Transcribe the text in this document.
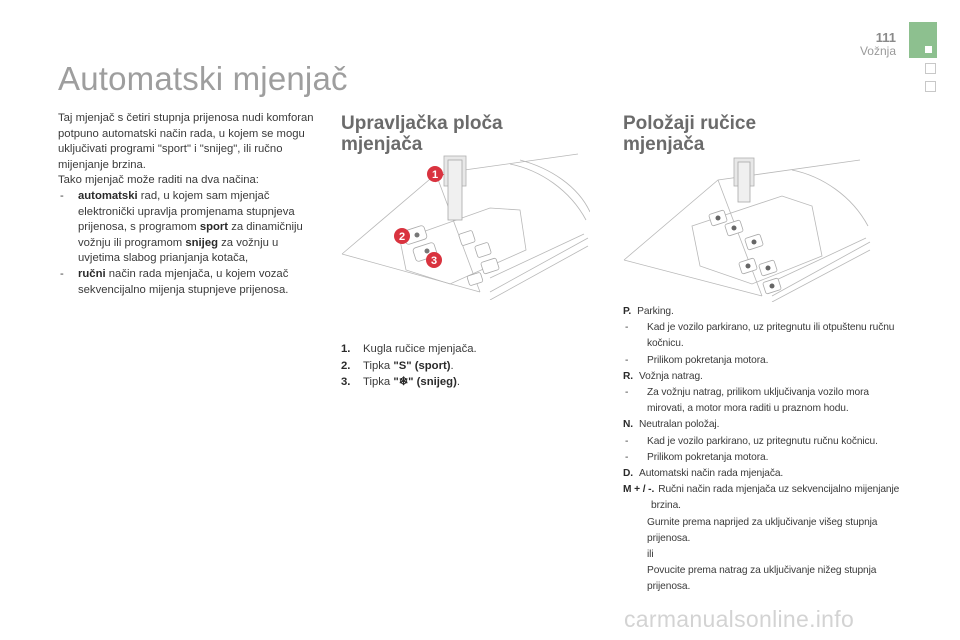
111
Vožnja
Automatski mjenjač

Taj mjenjač s četiri stupnja prijenosa nudi komforan potpuno automatski način rada, u kojem se mogu uključivati programi "sport" i "snijeg", ili ručno mijenjanje brzina.

Tako mjenjač može raditi na dva načina:

- automatski rad, u kojem sam mjenjač elektronički upravlja promjenama stupnjeva prijenosa, s programom sport za dinamičniju vožnju ili programom snijeg za vožnju u uvjetima slabog prianjanja kotača,

- ručni način rada mjenjača, u kojem vozač sekvencijalno mijenja stupnjeve prijenosa.

Upravljačka ploča
mjenjača
1
2
3
1. Kugla ručice mjenjača.
2. Tipka "S" (sport).
3. Tipka "❄" (snijeg).
Položaji ručice
mjenjača
P. Parking.
- Kad je vozilo parkirano, uz pritegnutu ili otpuštenu ručnu kočnicu.
- Prilikom pokretanja motora.
R. Vožnja natrag.
- Za vožnju natrag, prilikom uključivanja vozilo mora mirovati, a motor mora raditi u praznom hodu.
N. Neutralan položaj.
- Kad je vozilo parkirano, uz pritegnutu ručnu kočnicu.
- Prilikom pokretanja motora.
D. Automatski način rada mjenjača.
M + / -. Ručni način rada mjenjača uz sekvencijalno mijenjanje brzina.
Gurnite prema naprijed za uključivanje višeg stupnja prijenosa.
ili
Povucite prema natrag za uključivanje nižeg stupnja prijenosa.
carmanualsonline.info
